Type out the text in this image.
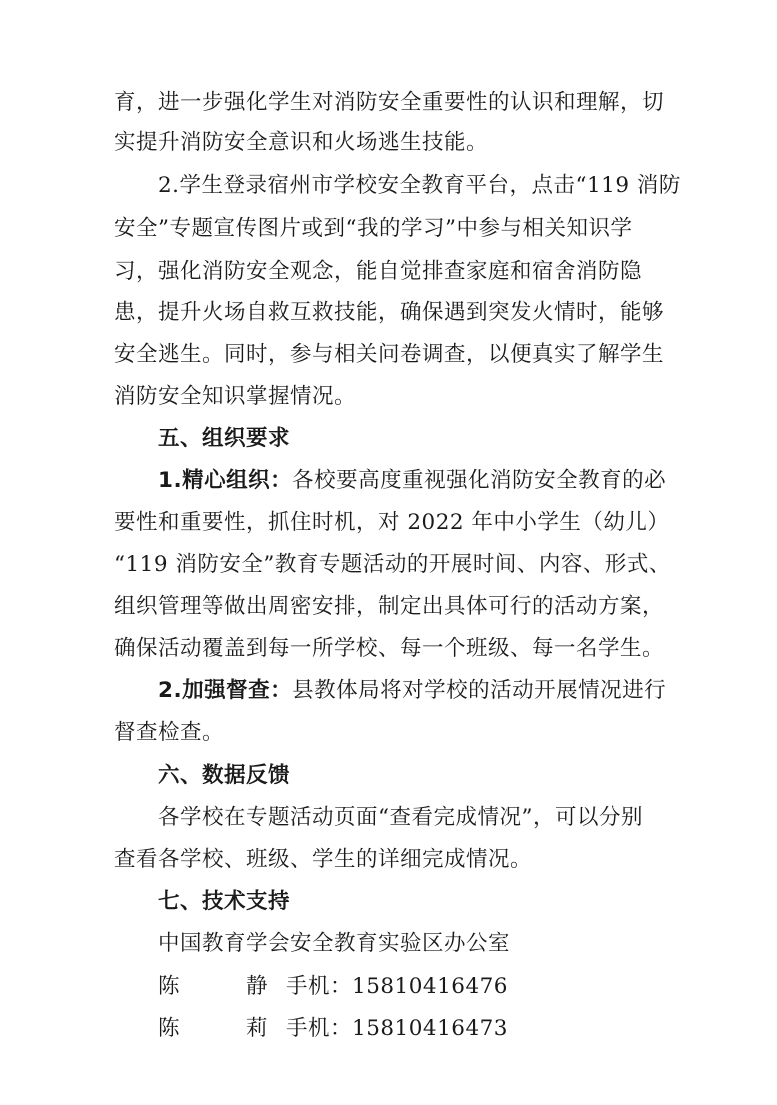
育，进一步强化学生对消防安全重要性的认识和理解，切
实提升消防安全意识和火场逃生技能。
2.学生登录宿州市学校安全教育平台，点击“119 消防
安全”专题宣传图片或到“我的学习”中参与相关知识学
习，强化消防安全观念，能自觉排查家庭和宿舍消防隐
患，提升火场自救互救技能，确保遇到突发火情时，能够
安全逃生。同时，参与相关问卷调查，以便真实了解学生
消防安全知识掌握情况。
五、组织要求
1.精心组织：各校要高度重视强化消防安全教育的必
要性和重要性，抓住时机，对 2022 年中小学生（幼儿）
“119 消防安全”教育专题活动的开展时间、内容、形式、
组织管理等做出周密安排，制定出具体可行的活动方案，
确保活动覆盖到每一所学校、每一个班级、每一名学生。
2.加强督查：县教体局将对学校的活动开展情况进行
督查检查。
六、数据反馈
各学校在专题活动页面“查看完成情况”，可以分别
查看各学校、班级、学生的详细完成情况。
七、技术支持
中国教育学会安全教育实验区办公室
陈	静 手机：15810416476
陈	莉 手机：15810416473
